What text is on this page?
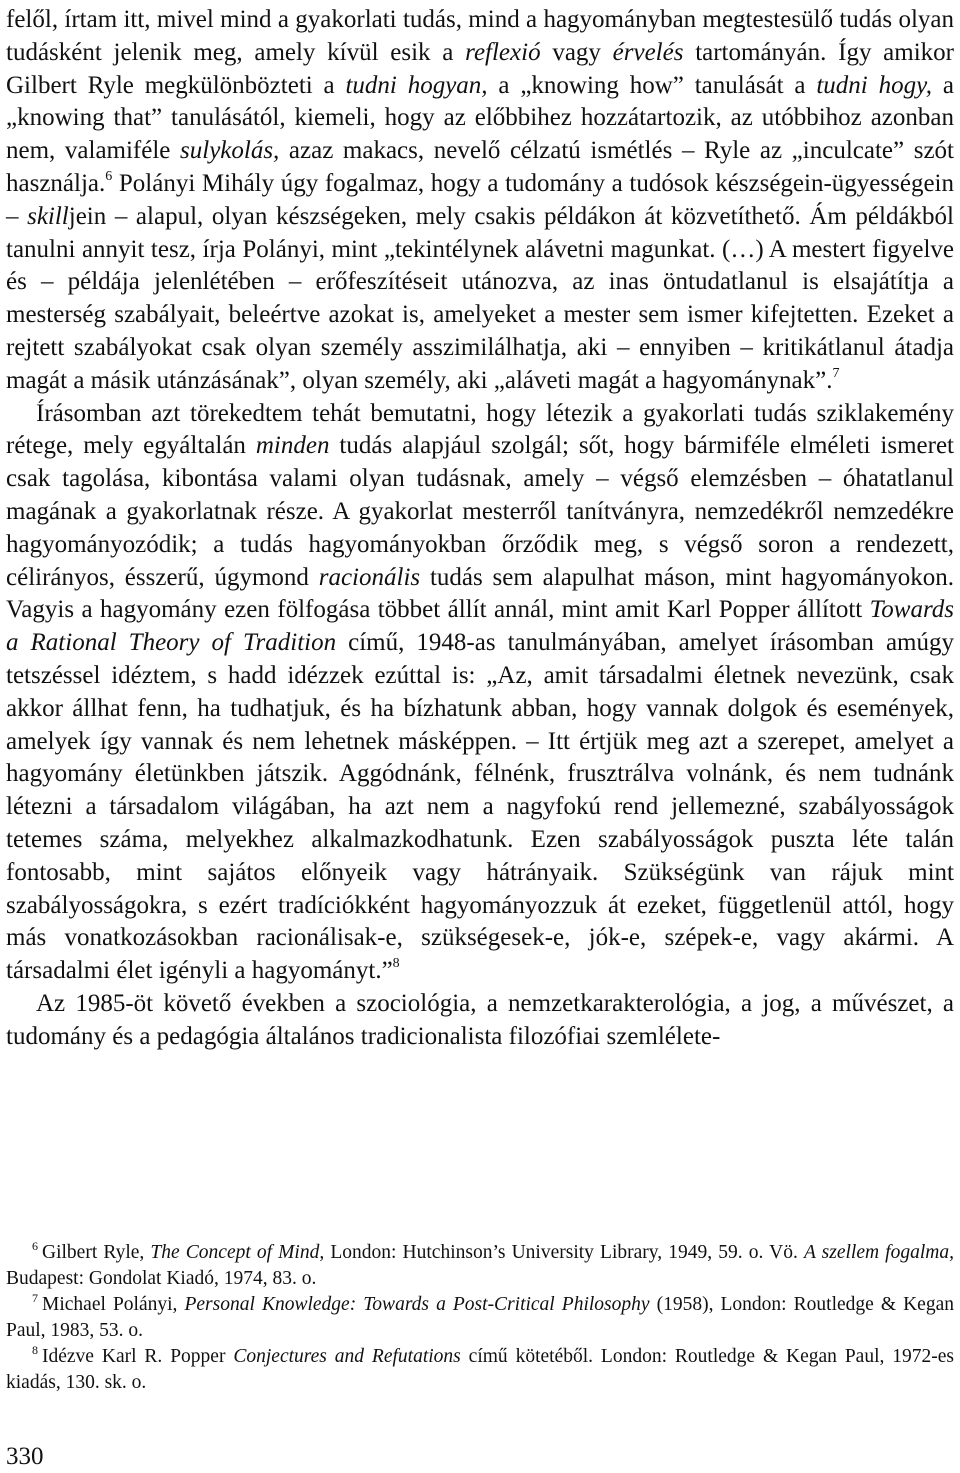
felől, írtam itt, mivel mind a gyakorlati tudás, mind a hagyományban megtestesülő tudás olyan tudásként jelenik meg, amely kívül esik a reflexió vagy érvelés tartományán. Így amikor Gilbert Ryle megkülönbözteti a tudni hogyan, a „knowing how” tanulását a tudni hogy, a „knowing that” tanulásától, kiemeli, hogy az előbbihez hozzátartozik, az utóbbihoz azonban nem, valamiféle sulykolás, azaz makacs, nevelő célzatú ismétlés – Ryle az „inculcate” szót használja.$^6$ Polányi Mihály úgy fogalmaz, hogy a tudomány a tudósok készségein-ügyességein – skilljein – alapul, olyan készségeken, mely csakis példákon át közvetíthető. Ám példákból tanulni annyit tesz, írja Polányi, mint „tekintélynek alávetni magunkat. (…) A mestert figyelve és – példája jelenlétében – erőfeszítéseit utánozva, az inas öntudatlanul is elsajátítja a mesterség szabályait, beleértve azokat is, amelyeket a mester sem ismer kifejtetten. Ezeket a rejtett szabályokat csak olyan személy asszimilálhatja, aki – ennyiben – kritikátlanul átadja magát a másik utánzásának”, olyan személy, aki „aláveti magát a hagyománynak”.$^7$

Írásomban azt törekedtem tehát bemutatni, hogy létezik a gyakorlati tudás sziklakemény rétege, mely egyáltalán minden tudás alapjául szolgál; sőt, hogy bármiféle elméleti ismeret csak tagolása, kibontása valami olyan tudásnak, amely – végső elemzésben – óhatatlanul magának a gyakorlatnak része. A gyakorlat mesterről tanítványra, nemzedékről nemzedékre hagyományozódik; a tudás hagyományokban őrződik meg, s végső soron a rendezett, célirányos, ésszerű, úgymond racionális tudás sem alapulhat máson, mint hagyományokon. Vagyis a hagyomány ezen fölfogása többet állít annál, mint amit Karl Popper állított Towards a Rational Theory of Tradition című, 1948-as tanulmányában, amelyet írásomban amúgy tetszéssel idéztem, s hadd idézzek ezúttal is: „Az, amit társadalmi életnek nevezünk, csak akkor állhat fenn, ha tudhatjuk, és ha bízhatunk abban, hogy vannak dolgok és események, amelyek így vannak és nem lehetnek másképpen. – Itt értjük meg azt a szerepet, amelyet a hagyomány életünkben játszik. Aggódnánk, félnénk, frusztrálva volnánk, és nem tudnánk létezni a társadalom világában, ha azt nem a nagyfokú rend jellemezné, szabályosságok tetemes száma, melyekhez alkalmazkodhatunk. Ezen szabályosságok puszta léte talán fontosabb, mint sajátos előnyeik vagy hátrányaik. Szükségünk van rájuk mint szabályosságokra, s ezért tradíciókként hagyományozzuk át ezeket, függetlenül attól, hogy más vonatkozásokban racionálisak-e, szükségesek-e, jók-e, szépek-e, vagy akármi. A társadalmi élet igényli a hagyományt.”$^8$

Az 1985-öt követő években a szociológia, a nemzetkarakterológia, a jog, a művészet, a tudomány és a pedagógia általános tradicionalista filozófiai szemlélete-

$^6$ Gilbert Ryle, The Concept of Mind, London: Hutchinson’s University Library, 1949, 59. o. Vö. A szellem fogalma, Budapest: Gondolat Kiadó, 1974, 83. o.

$^7$ Michael Polányi, Personal Knowledge: Towards a Post-Critical Philosophy (1958), London: Routledge & Kegan Paul, 1983, 53. o.

$^8$ Idézve Karl R. Popper Conjectures and Refutations című kötetéből. London: Routledge & Kegan Paul, 1972-es kiadás, 130. sk. o.

330
